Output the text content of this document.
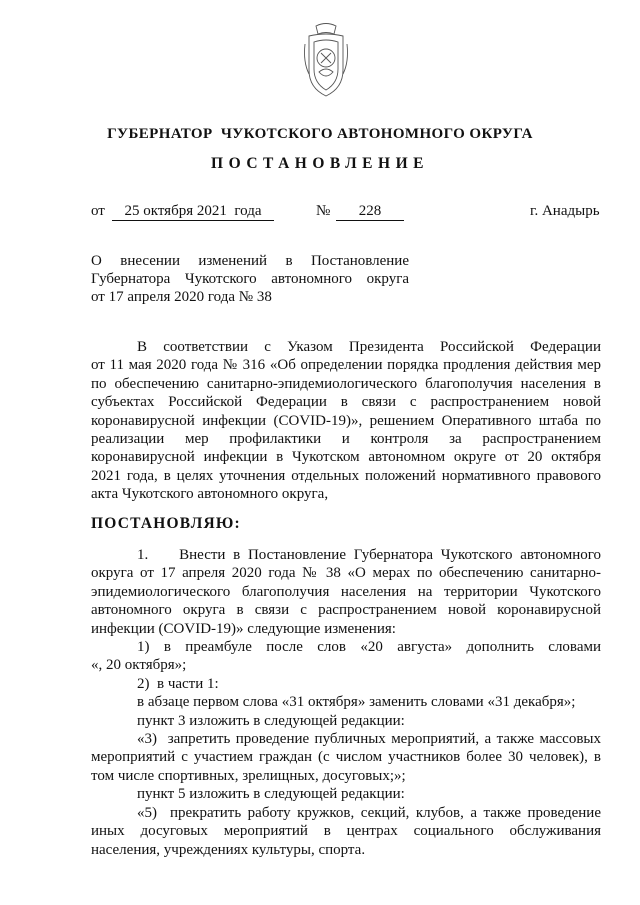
ГУБЕРНАТОР  ЧУКОТСКОГО АВТОНОМНОГО ОКРУГА
ПОСТАНОВЛЕНИЕ
от	25 октября 2021  года	№	228	г. Анадырь
О внесении изменений в Постановление
Губернатора Чукотского автономного округа
от 17 апреля 2020 года № 38
В соответствии с Указом Президента Российской Федерации
от 11 мая 2020 года № 316 «Об определении порядка продления действия мер
по обеспечению санитарно-эпидемиологического благополучия населения в
субъектах Российской Федерации в связи с распространением новой
коронавирусной инфекции (COVID-19)», решением Оперативного штаба по
реализации мер профилактики и контроля за распространением
коронавирусной инфекции в Чукотском автономном округе от 20 октября
2021 года, в целях уточнения отдельных положений нормативного правового
акта Чукотского автономного округа,
ПОСТАНОВЛЯЮ:
1.    Внести в Постановление Губернатора Чукотского автономного
округа от 17 апреля 2020 года № 38 «О мерах по обеспечению санитарно-
эпидемиологического благополучия населения на территории Чукотского
автономного округа в связи с распространением новой коронавирусной
инфекции (COVID-19)» следующие изменения:
1) в преамбуле после слов «20 августа» дополнить словами
«, 20 октября»;
2)  в части 1:
в абзаце первом слова «31 октября» заменить словами «31 декабря»;
пункт 3 изложить в следующей редакции:
«3)  запретить проведение публичных мероприятий, а также массовых
мероприятий с участием граждан (с числом участников более 30 человек), в
том числе спортивных, зрелищных, досуговых;»;
пункт 5 изложить в следующей редакции:
«5)  прекратить работу кружков, секций, клубов, а также проведение
иных досуговых мероприятий в центрах социального обслуживания
населения, учреждениях культуры, спорта.
